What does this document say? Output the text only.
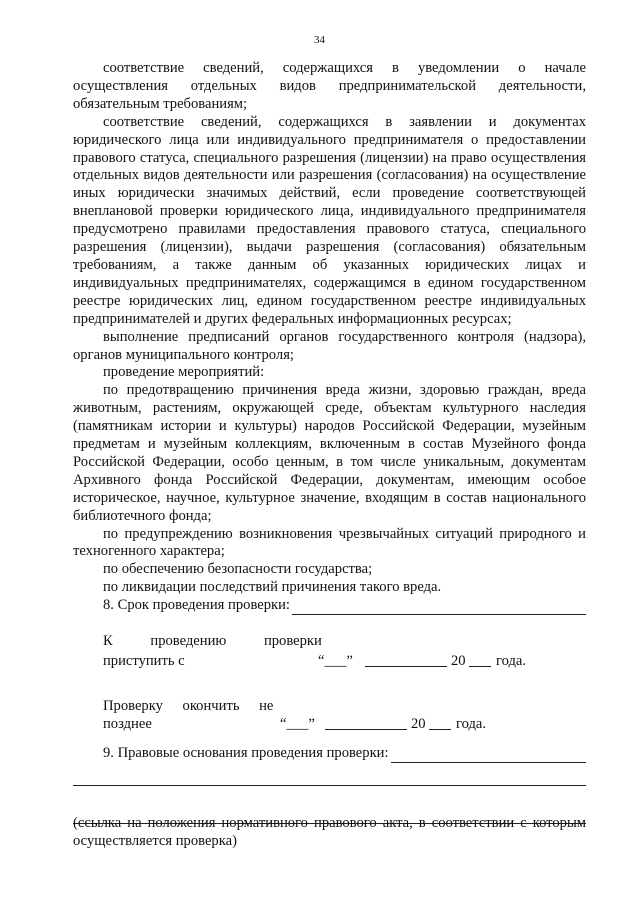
34

соответствие сведений, содержащихся в уведомлении о начале осуществления отдельных видов предпринимательской деятельности, обязательным требованиям;

соответствие сведений, содержащихся в заявлении и документах юридического лица или индивидуального предпринимателя о предоставлении правового статуса, специального разрешения (лицензии) на право осуществления отдельных видов деятельности или разрешения (согласования) на осуществление иных юридически значимых действий, если проведение соответствующей внеплановой проверки юридического лица, индивидуального предпринимателя предусмотрено правилами предоставления правового статуса, специального разрешения (лицензии), выдачи разрешения (согласования) обязательным требованиям, а также данным об указанных юридических лицах и индивидуальных предпринимателях, содержащимся в едином государственном реестре юридических лиц, едином государственном реестре индивидуальных предпринимателей и других федеральных информационных ресурсах;

выполнение предписаний органов государственного контроля (надзора), органов муниципального контроля;

проведение мероприятий:

по предотвращению причинения вреда жизни, здоровью граждан, вреда животным, растениям, окружающей среде, объектам культурного наследия (памятникам истории и культуры) народов Российской Федерации, музейным предметам и музейным коллекциям, включенным в состав Музейного фонда Российской Федерации, особо ценным, в том числе уникальным, документам Архивного фонда Российской Федерации, документам, имеющим особое историческое, научное, культурное значение, входящим в состав национального библиотечного фонда;

по предупреждению возникновения чрезвычайных ситуаций природного и техногенного характера;

по обеспечению безопасности государства;

по ликвидации последствий причинения такого вреда.

8. Срок проведения проверки:

К проведению проверки
приступить с	“___”	20 года.
Проверку окончить не
позднее	“___”	20 года.

9. Правовые основания проведения проверки:

(ссылка на положения нормативного правового акта, в соответствии с которым осуществляется проверка)
